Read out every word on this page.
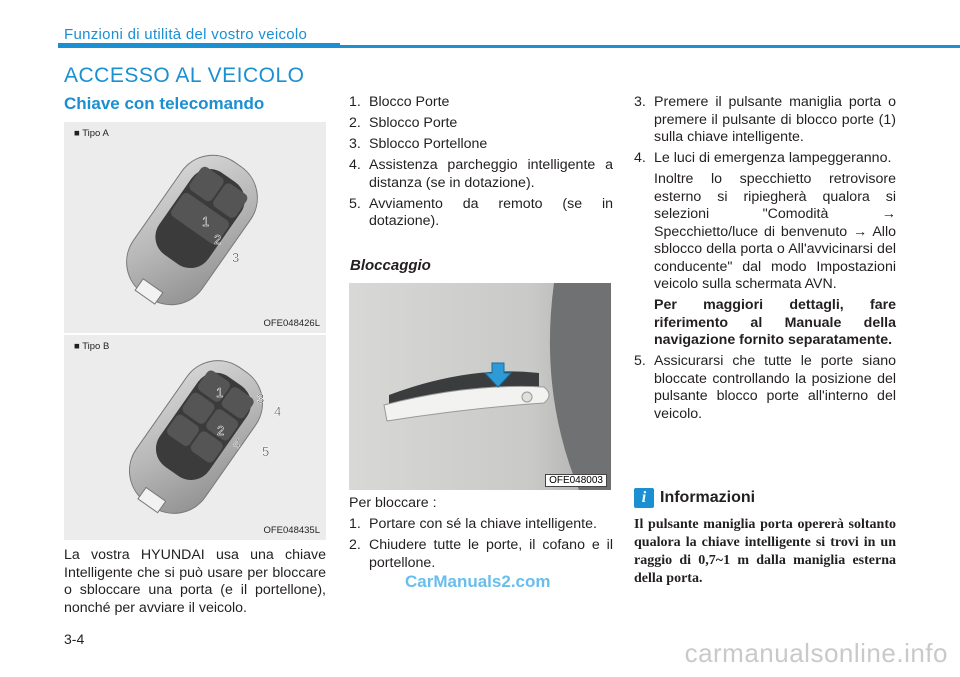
Funzioni di utilità del vostro veicolo
ACCESSO AL VEICOLO
Chiave con telecomando
■ Tipo A
1
2
3
OFE048426L
■ Tipo B
1	3
4
2
4
5
OFE048435L
La vostra HYUNDAI usa una chiave Intelligente che si può usare per bloccare o sbloccare una porta (e il portellone), nonché per avviare il veicolo.
1. Blocco Porte
2. Sblocco Porte
3. Sblocco Portellone
4. Assistenza parcheggio intelligente a distanza (se in dotazione).
5. Avviamento da remoto (se in dotazione).
Bloccaggio
OFE048003
Per bloccare :
1. Portare con sé la chiave intelligente.
2. Chiudere tutte le porte, il cofano e il portellone.
3. Premere il pulsante maniglia porta o premere il pulsante di blocco porte (1) sulla chiave intelligente.
4. Le luci di emergenza lampeggeranno.
Inoltre lo specchietto retrovisore esterno si ripiegherà qualora si selezioni "Comodità → Specchietto/luce di benvenuto → Allo sblocco della porta o All'avvicinarsi del conducente" dal modo Impostazioni veicolo sulla schermata AVN.
Per maggiori dettagli, fare riferimento al Manuale della navigazione fornito separatamente.
5. Assicurarsi che tutte le porte siano bloccate controllando la posizione del pulsante blocco porte all'interno del veicolo.
i Informazioni
Il pulsante maniglia porta opererà soltanto qualora la chiave intelligente si trovi in un raggio di 0,7~1 m dalla maniglia esterna della porta.
3-4
CarManuals2.com
carmanualsonline.info
